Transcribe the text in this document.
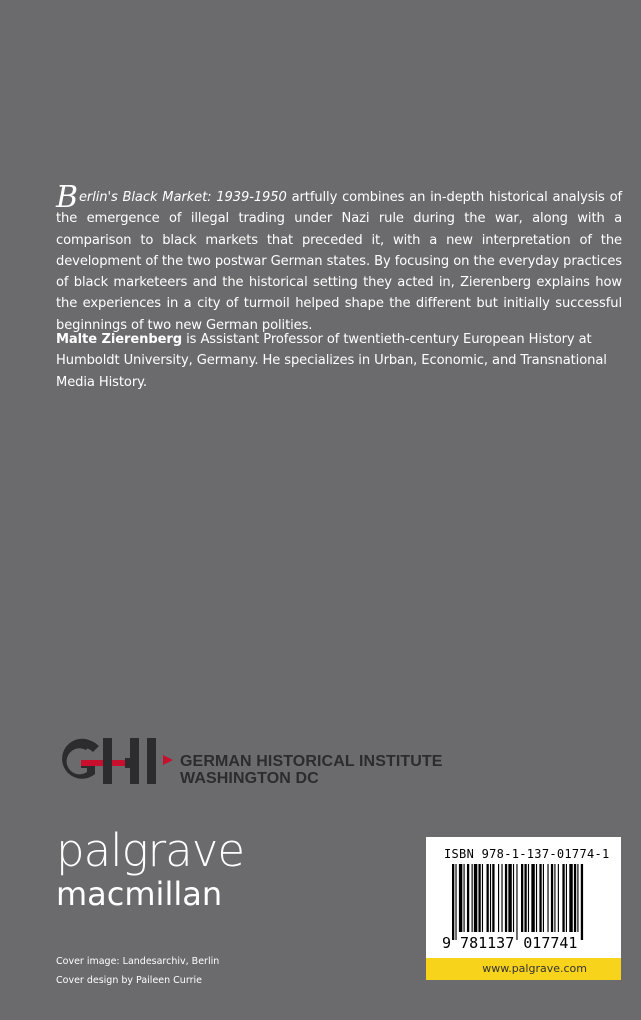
Berlin's Black Market: 1939-1950 artfully combines an in-depth historical analysis of the emergence of illegal trading under Nazi rule during the war, along with a comparison to black markets that preceded it, with a new interpretation of the development of the two postwar German states. By focusing on the everyday practices of black marketeers and the historical setting they acted in, Zierenberg explains how the experiences in a city of turmoil helped shape the different but initially successful beginnings of two new German polities.

Malte Zierenberg is Assistant Professor of twentieth-century European History at Humboldt University, Germany. He specializes in Urban, Economic, and Transnational Media History.

GERMAN HISTORICAL INSTITUTE
WASHINGTON DC
palgrave
macmillan
Cover image: Landesarchiv, Berlin
Cover design by Paileen Currie
ISBN 978-1-137-01774-1
9 781137 017741
www.palgrave.com
